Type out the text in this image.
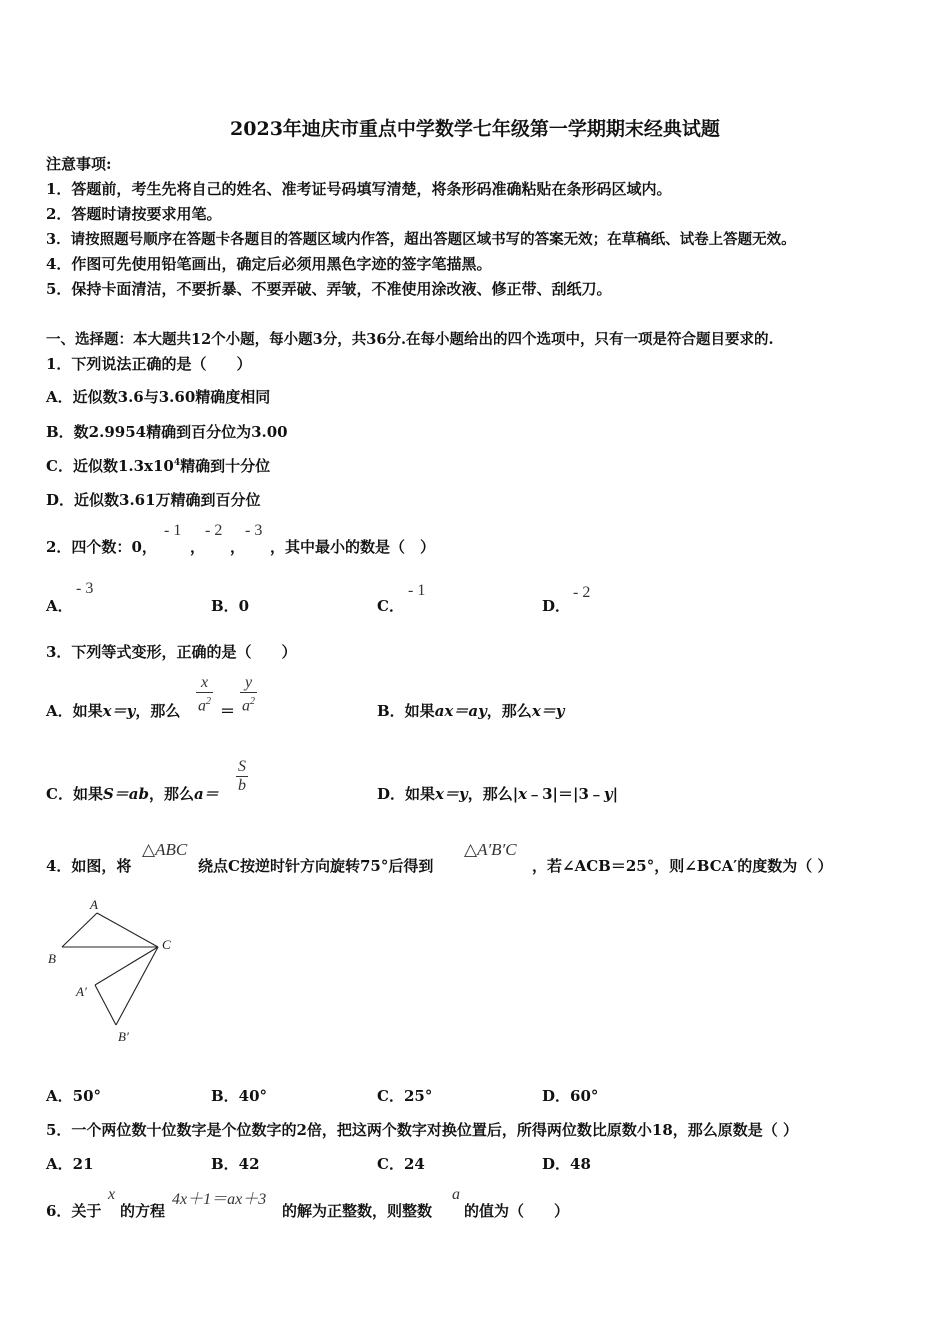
2023年迪庆市重点中学数学七年级第一学期期末经典试题
注意事项:
1．答题前，考生先将自己的姓名、准考证号码填写清楚，将条形码准确粘贴在条形码区域内。
2．答题时请按要求用笔。
3．请按照题号顺序在答题卡各题目的答题区域内作答，超出答题区域书写的答案无效；在草稿纸、试卷上答题无效。
4．作图可先使用铅笔画出，确定后必须用黑色字迹的签字笔描黑。
5．保持卡面清洁，不要折暴、不要弄破、弄皱，不准使用涂改液、修正带、刮纸刀。
一、选择题：本大题共12个小题，每小题3分，共36分.在每小题给出的四个选项中，只有一项是符合题目要求的.
1．下列说法正确的是（　　）
A．近似数3.6与3.60精确度相同
B．数2.9954精确到百分位为3.00
C．近似数$1.3x10^4$精确到十分位
D．近似数3.61万精确到百分位
2．四个数：0，
- 1
，
- 2
，
- 3
，其中最小的数是（　）
A．
- 3
B．0	C．
- 1
D．
- 2
3．下列等式变形，正确的是（　　）
A．如果x＝y，那么 $\frac{x}{a^2} = \frac{y}{a^2}$	B．如果ax＝ay，那么x＝y
C．如果S＝ab，那么$a= \frac{S}{b}$	D．如果x＝y，那么|x﹣3|＝|3﹣y|
4．如图，将
△ABC
绕点C按逆时针方向旋转75°后得到
△A′B′C
，若∠ACB＝25°，则∠BCA′的度数为（ ）
A
B
C
A′
B′
A．50°	B．40°	C．25°	D．60°
5．一个两位数十位数字是个位数字的2倍，把这两个数字对换位置后，所得两位数比原数小18，那么原数是（ ）
A．21	B．42	C．24	D．48
6．关于
x
的方程
4x＋1＝ax＋3
的解为正整数，则整数
a
的值为（　　）
